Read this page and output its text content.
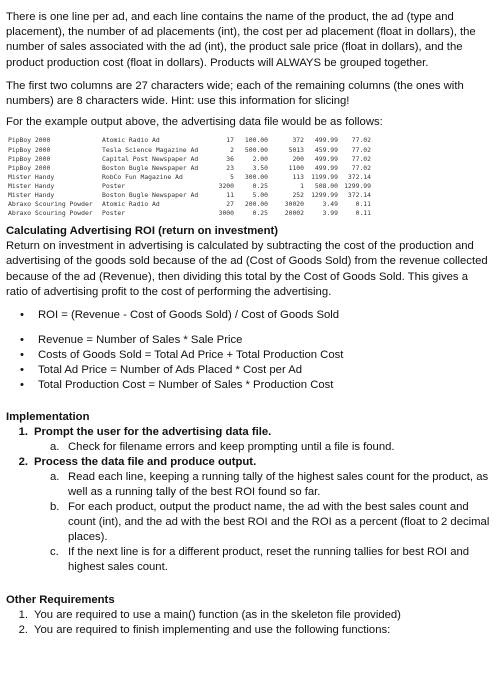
There is one line per ad, and each line contains the name of the product, the ad (type and placement), the number of ad placements (int), the cost per ad placement (float in dollars), the number of sales associated with the ad (int), the product sale price (float in dollars), and the product production cost (float in dollars). Products will ALWAYS be grouped together.

The first two columns are 27 characters wide; each of the remaining columns (the ones with numbers) are 8 characters wide. Hint: use this information for slicing!

For the example output above, the advertising data file would be as follows:

PipBoy 2000	Atomic Radio Ad	17	100.00	372	499.99	77.02
PipBoy 2000	Tesla Science Magazine Ad	2	500.00	5013	459.99	77.02
PipBoy 2000	Capital Post Newspaper Ad	36	2.00	200	499.99	77.02
PipBoy 2000	Boston Bugle Newspaper Ad	23	3.50	1100	499.99	77.02
Mister Handy	RobCo Fun Magazine Ad	5	300.00	113	1199.99	372.14
Mister Handy	Poster	3200	0.25	1	508.00 1299.99
Mister Handy	Boston Bugle Newspaper Ad	11	5.00	252	1299.99	372.14
Abraxo Scouring Powder	Atomic Radio Ad	27	200.00	30020	3.49	0.11
Abraxo Scouring Powder	Poster	3000	0.25	20002	3.99	0.11
Calculating Advertising ROI (return on investment)

Return on investment in advertising is calculated by subtracting the cost of the production and advertising of the goods sold because of the ad (Cost of Goods Sold) from the revenue collected because of the ad (Revenue), then dividing this total by the Cost of Goods Sold. This gives a ratio of advertising profit to the cost of performing the advertising.

• ROI = (Revenue - Cost of Goods Sold) / Cost of Goods Sold
• Revenue = Number of Sales * Sale Price
• Costs of Goods Sold = Total Ad Price + Total Production Cost
• Total Ad Price = Number of Ads Placed * Cost per Ad
• Total Production Cost = Number of Sales * Production Cost
Implementation
1. Prompt the user for the advertising data file.
a. Check for filename errors and keep prompting until a file is found.
2. Process the data file and produce output.
a. Read each line, keeping a running tally of the highest sales count for the product, as well as a running tally of the best ROI found so far.
b. For each product, output the product name, the ad with the best sales count and count (int), and the ad with the best ROI and the ROI as a percent (float to 2 decimal places).
c. If the next line is for a different product, reset the running tallies for best ROI and highest sales count.
Other Requirements
1. You are required to use a main() function (as in the skeleton file provided)
2. You are required to finish implementing and use the following functions:
